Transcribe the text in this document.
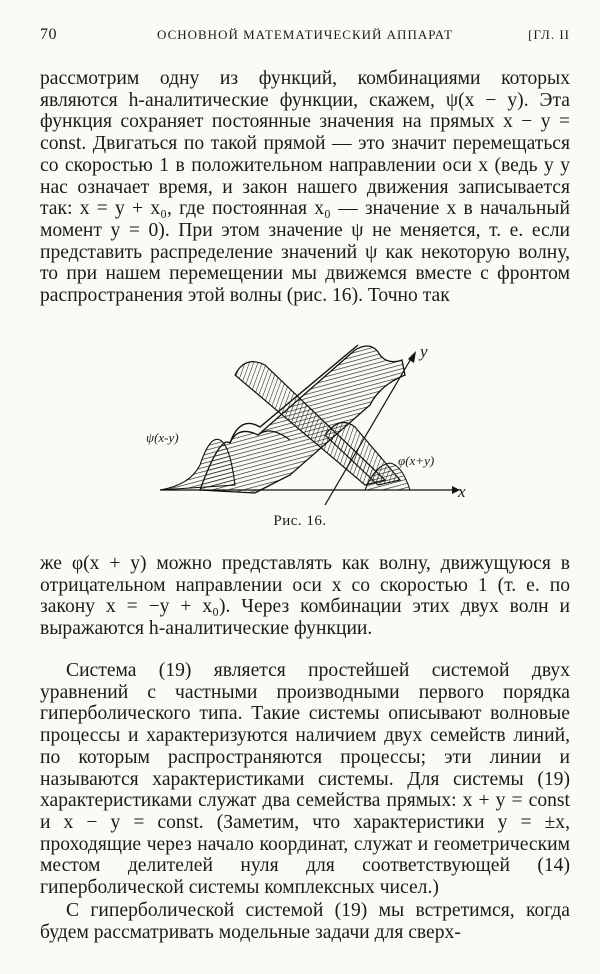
70	ОСНОВНОЙ МАТЕМАТИЧЕСКИЙ АППАРАТ	[ГЛ. II

рассмотрим одну из функций, комбинациями которых являются h-аналитические функции, скажем, ψ(x − y). Эта функция сохраняет постоянные значения на прямых x − y = const. Двигаться по такой прямой — это значит перемещаться со скоростью 1 в положительном направлении оси x (ведь y у нас означает время, и закон нашего движения записывается так: x = y + x₀, где постоянная x₀ — значение x в начальный момент y = 0). При этом значение ψ не меняется, т. е. если представить распределение значений ψ как некоторую волну, то при нашем перемещении мы движемся вместе с фронтом распространения этой волны (рис. 16). Точно так

ψ(x-y)
φ(x+y)
x
y
Рис. 16.

же φ(x + y) можно представлять как волну, движущуюся в отрицательном направлении оси x со скоростью 1 (т. е. по закону x = −y + x₀). Через комбинации этих двух волн и выражаются h-аналитические функции.

Система (19) является простейшей системой двух уравнений с частными производными первого порядка гиперболического типа. Такие системы описывают волновые процессы и характеризуются наличием двух семейств линий, по которым распространяются процессы; эти линии и называются характеристиками системы. Для системы (19) характеристиками служат два семейства прямых: x + y = const и x − y = const. (Заметим, что характеристики y = ±x, проходящие через начало координат, служат и геометрическим местом делителей нуля для соответствующей (14) гиперболической системы комплексных чисел.)

С гиперболической системой (19) мы встретимся, когда будем рассматривать модельные задачи для сверх-
